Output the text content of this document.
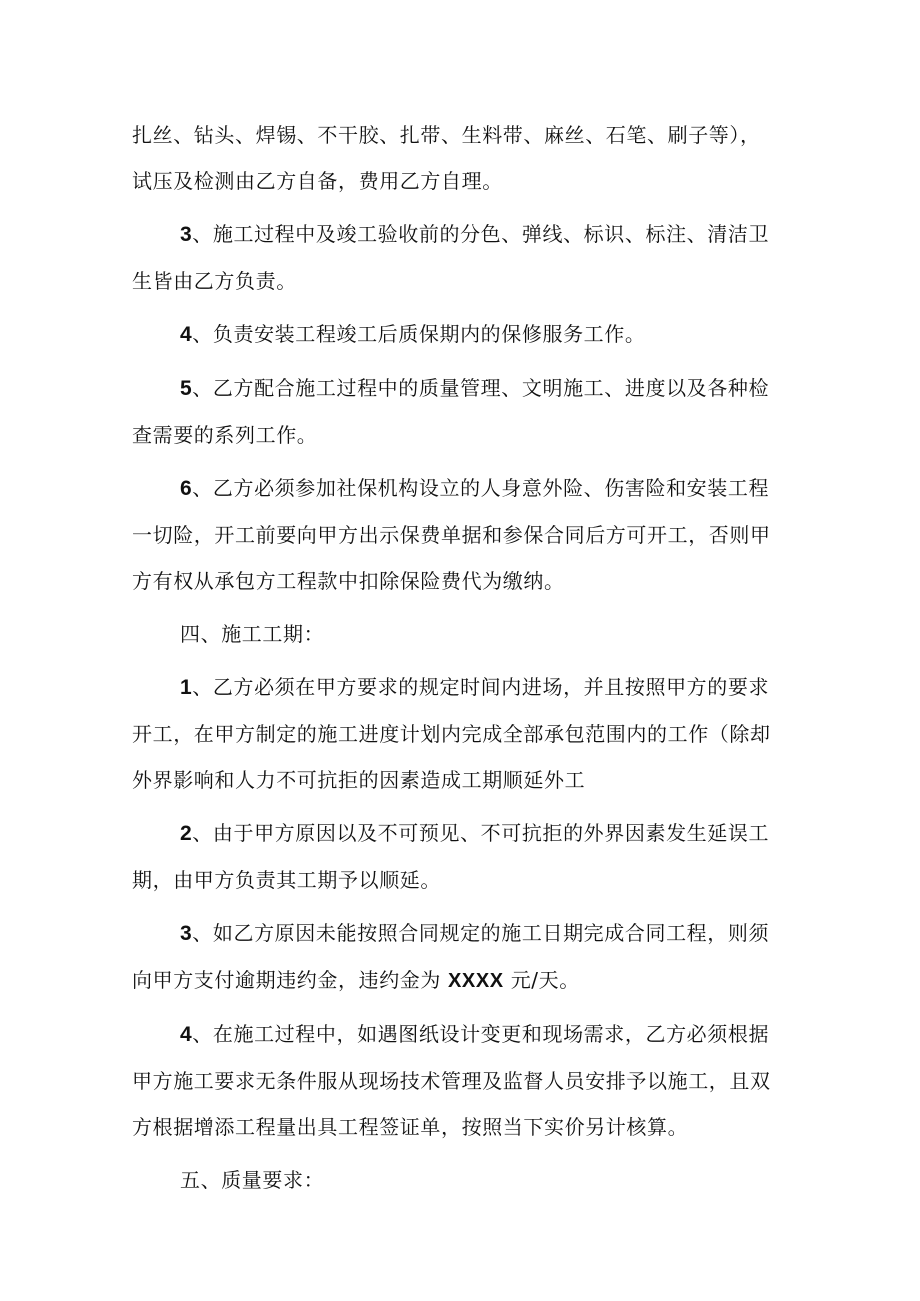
扎丝、钻头、焊锡、不干胶、扎带、生料带、麻丝、石笔、刷子等），
试压及检测由乙方自备，费用乙方自理。

3、施工过程中及竣工验收前的分色、弹线、标识、标注、清洁卫
生皆由乙方负责。

4、负责安装工程竣工后质保期内的保修服务工作。

5、乙方配合施工过程中的质量管理、文明施工、进度以及各种检
查需要的系列工作。

6、乙方必须参加社保机构设立的人身意外险、伤害险和安装工程
一切险，开工前要向甲方出示保费单据和参保合同后方可开工，否则甲
方有权从承包方工程款中扣除保险费代为缴纳。

四、施工工期：

1、乙方必须在甲方要求的规定时间内进场，并且按照甲方的要求
开工，在甲方制定的施工进度计划内完成全部承包范围内的工作（除却
外界影响和人力不可抗拒的因素造成工期顺延外工

2、由于甲方原因以及不可预见、不可抗拒的外界因素发生延误工
期，由甲方负责其工期予以顺延。

3、如乙方原因未能按照合同规定的施工日期完成合同工程，则须
向甲方支付逾期违约金，违约金为 XXXX 元/天。

4、在施工过程中，如遇图纸设计变更和现场需求，乙方必须根据
甲方施工要求无条件服从现场技术管理及监督人员安排予以施工，且双
方根据增添工程量出具工程签证单，按照当下实价另计核算。

五、质量要求：
